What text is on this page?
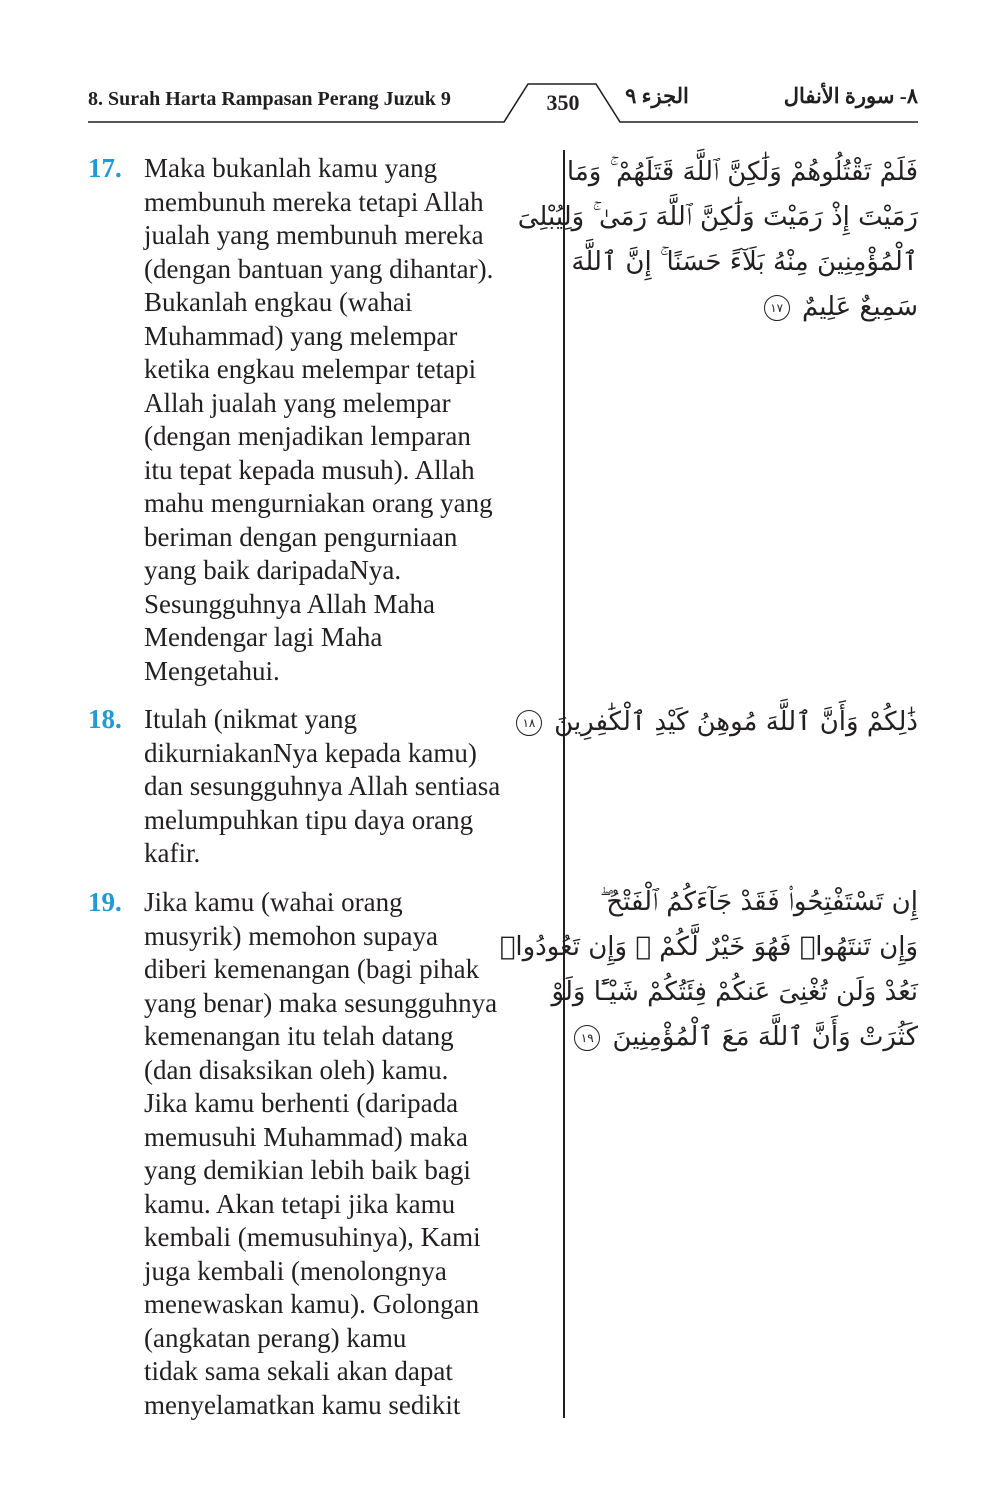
8. Surah Harta Rampasan Perang Juzuk 9	350	الجزء ٩	٨- سورة الأنفال
17. Maka bukanlah kamu yang
membunuh mereka tetapi Allah
jualah yang membunuh mereka
(dengan bantuan yang dihantar).
Bukanlah engkau (wahai
Muhammad) yang melempar
ketika engkau melempar tetapi
Allah jualah yang melempar
(dengan menjadikan lemparan
itu tepat kepada musuh). Allah
mahu mengurniakan orang yang
beriman dengan pengurniaan
yang baik daripadaNya.
Sesungguhnya Allah Maha
Mendengar lagi Maha
Mengetahui.
فَلَمْ تَقْتُلُوهُمْ وَلَٰكِنَّ ٱللَّهَ قَتَلَهُمْ ۚ وَمَا
رَمَيْتَ إِذْ رَمَيْتَ وَلَٰكِنَّ ٱللَّهَ رَمَىٰ ۚ وَلِيُبْلِىَ
ٱلْمُؤْمِنِينَ مِنْهُ بَلَآءً حَسَنًا ۚ إِنَّ ٱللَّهَ
سَمِيعٌ عَلِيمٌ ١٧
18. Itulah (nikmat yang
dikurniakanNya kepada kamu)
dan sesungguhnya Allah sentiasa
melumpuhkan tipu daya orang
kafir.
ذَٰلِكُمْ وَأَنَّ ٱللَّهَ مُوهِنُ كَيْدِ ٱلْكَٰفِرِينَ ١٨
19. Jika kamu (wahai orang
musyrik) memohon supaya
diberi kemenangan (bagi pihak
yang benar) maka sesungguhnya
kemenangan itu telah datang
(dan disaksikan oleh) kamu.
Jika kamu berhenti (daripada
memusuhi Muhammad) maka
yang demikian lebih baik bagi
kamu. Akan tetapi jika kamu
kembali (memusuhinya), Kami
juga kembali (menolongnya
menewaskan kamu). Golongan
(angkatan perang) kamu
tidak sama sekali akan dapat
menyelamatkan kamu sedikit
إِن تَسْتَفْتِحُوا۟ فَقَدْ جَآءَكُمُ ٱلْفَتْحُ ۖ
وَإِن تَنتَهُوا۟ فَهُوَ خَيْرٌ لَّكُمْ ۖ وَإِن تَعُودُوا۟
نَعُدْ وَلَن تُغْنِىَ عَنكُمْ فِئَتُكُمْ شَيْـًٔا وَلَوْ
كَثُرَتْ وَأَنَّ ٱللَّهَ مَعَ ٱلْمُؤْمِنِينَ ١٩
